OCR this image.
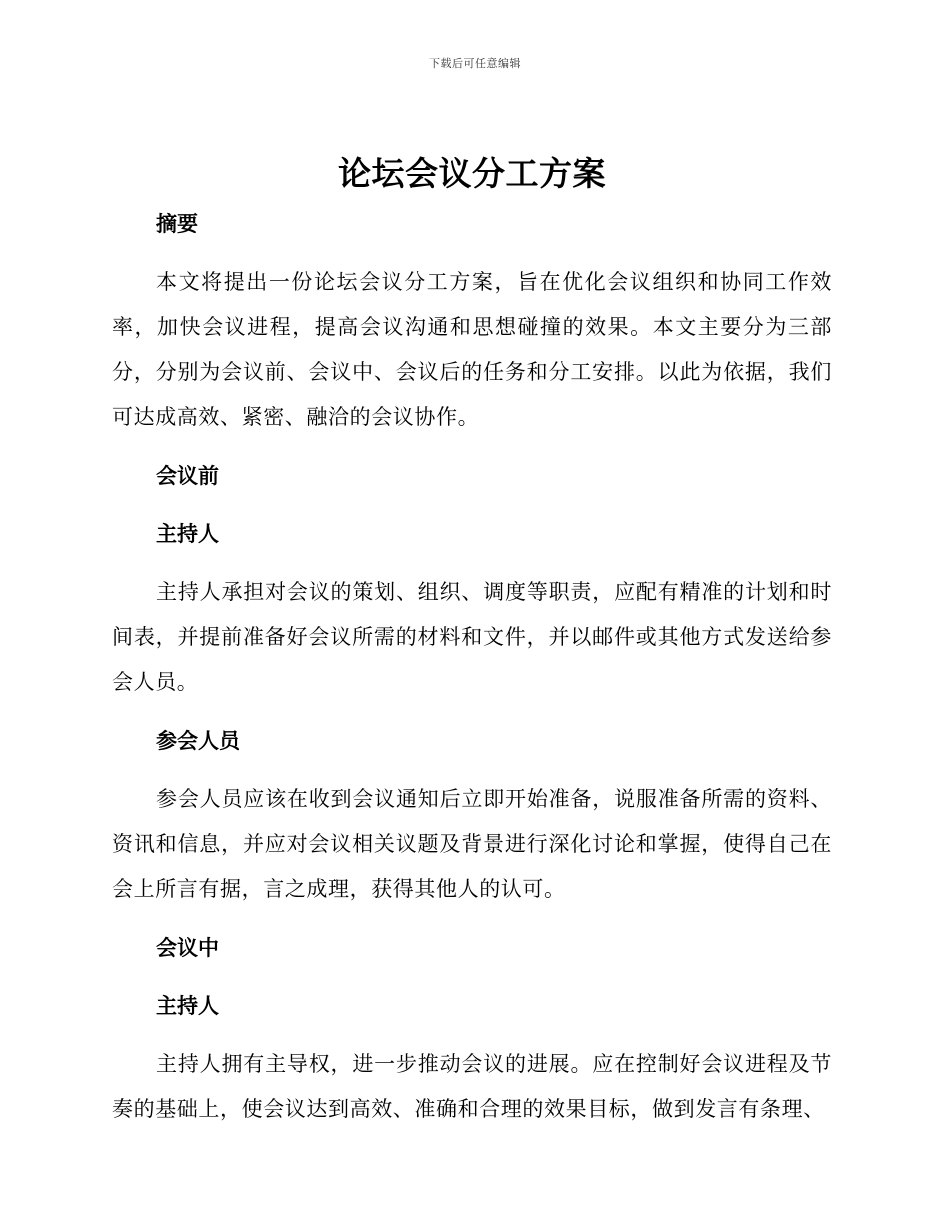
下载后可任意编辑
论坛会议分工方案
摘要

本文将提出一份论坛会议分工方案，旨在优化会议组织和协同工作效率，加快会议进程，提高会议沟通和思想碰撞的效果。本文主要分为三部分，分别为会议前、会议中、会议后的任务和分工安排。以此为依据，我们可达成高效、紧密、融洽的会议协作。

会议前
主持人

主持人承担对会议的策划、组织、调度等职责，应配有精准的计划和时间表，并提前准备好会议所需的材料和文件，并以邮件或其他方式发送给参会人员。

参会人员

参会人员应该在收到会议通知后立即开始准备，说服准备所需的资料、资讯和信息，并应对会议相关议题及背景进行深化讨论和掌握，使得自己在会上所言有据，言之成理，获得其他人的认可。

会议中
主持人

主持人拥有主导权，进一步推动会议的进展。应在控制好会议进程及节奏的基础上，使会议达到高效、准确和合理的效果目标，做到发言有条理、
